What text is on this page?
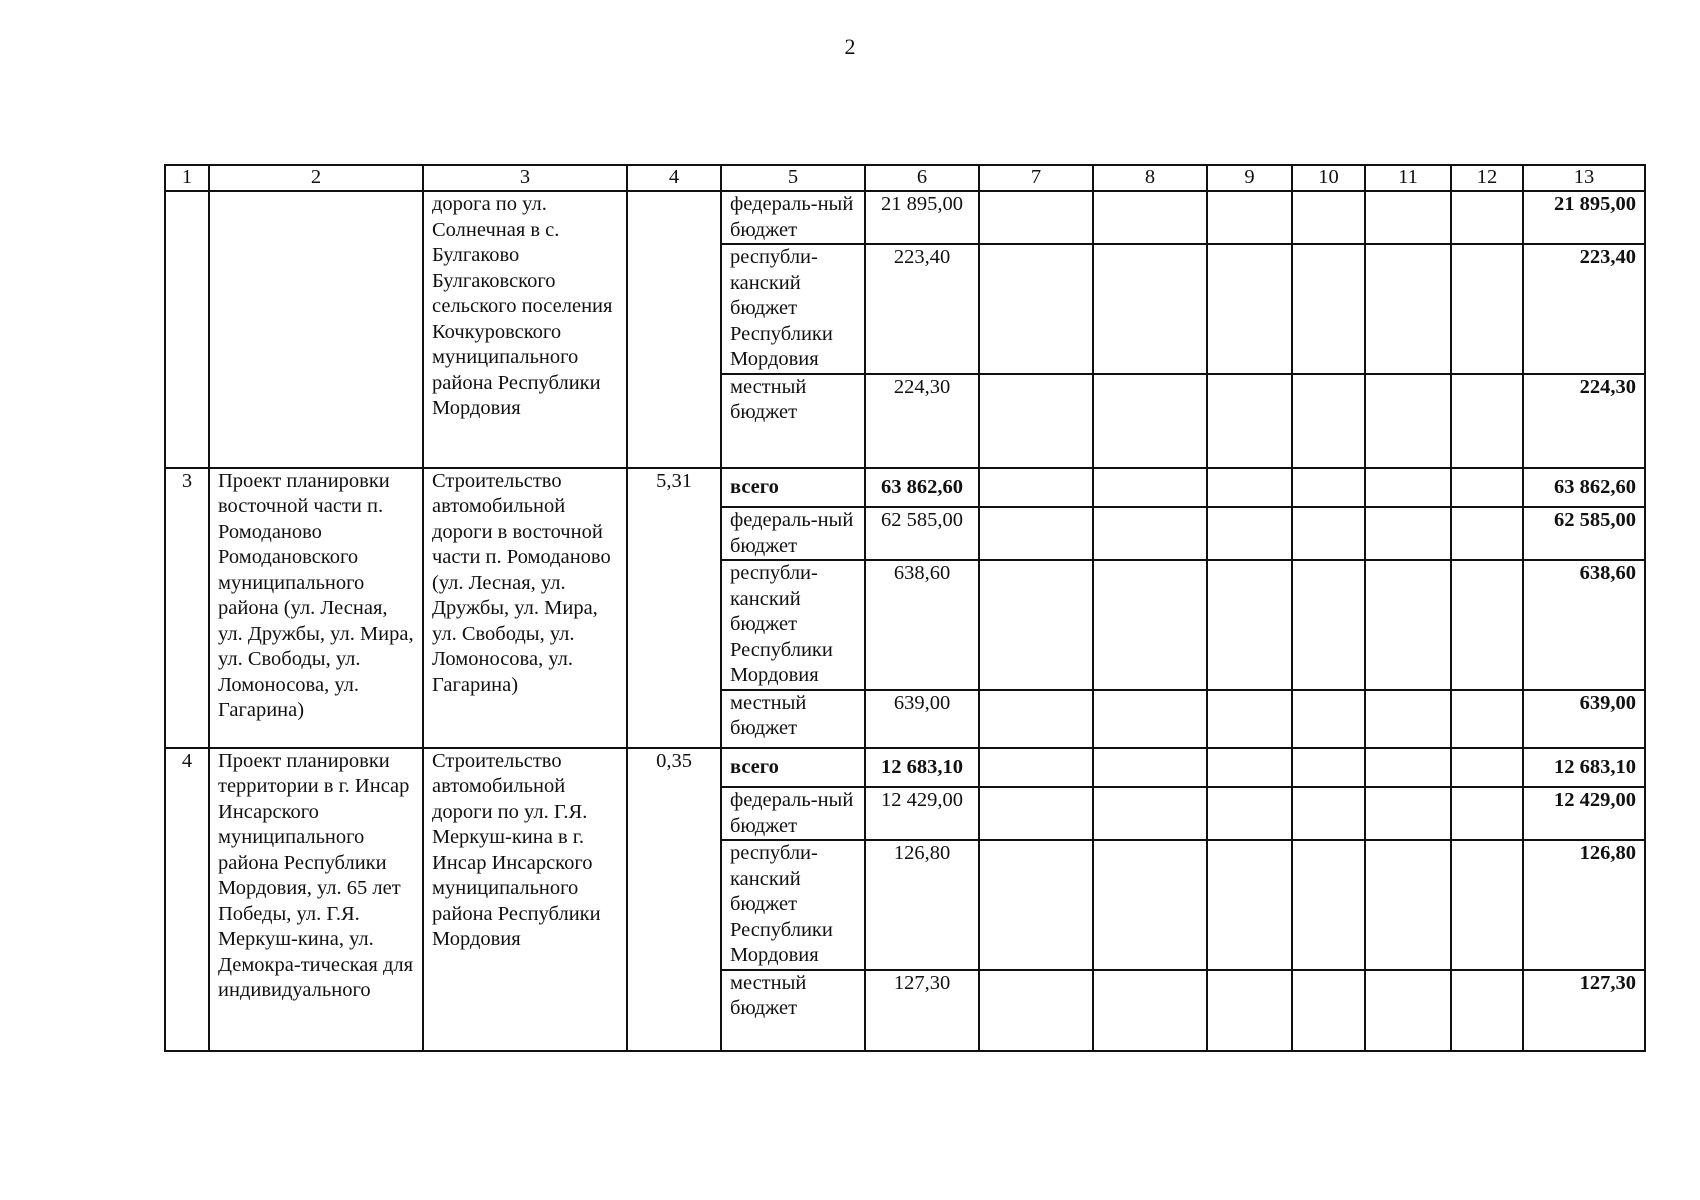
2
1	2	3	4	5	6	7	8	9	10	11	12	13
		дорога по ул. Солнечная в с. Булгаково Булгаковского сельского поселения Кочкуровского муниципального района Республики Мордовия		федераль-ный бюджет	21 895,00							21 895,00
				республи-канский бюджет Республики Мордовия	223,40							223,40
				местный бюджет	224,30							224,30
3	Проект планировки восточной части п. Ромоданово Ромодановского муниципального района (ул. Лесная, ул. Дружбы, ул. Мира, ул. Свободы, ул. Ломоносова, ул. Гагарина)	Строительство автомобильной дороги в восточной части п. Ромоданово (ул. Лесная, ул. Дружбы, ул. Мира, ул. Свободы, ул. Ломоносова, ул. Гагарина)	5,31	всего	63 862,60							63 862,60
				федераль-ный бюджет	62 585,00							62 585,00
				республи-канский бюджет Республики Мордовия	638,60							638,60
				местный бюджет	639,00							639,00
4	Проект планировки территории в г. Инсар Инсарского муниципального района Республики Мордовия, ул. 65 лет Победы, ул. Г.Я. Меркуш-кина, ул. Демокра-тическая для индивидуального	Строительство автомобильной дороги по ул. Г.Я. Меркуш-кина в г. Инсар Инсарского муниципального района Республики Мордовия	0,35	всего	12 683,10							12 683,10
				федераль-ный бюджет	12 429,00							12 429,00
				республи-канский бюджет Республики Мордовия	126,80							126,80
				местный бюджет	127,30							127,30
